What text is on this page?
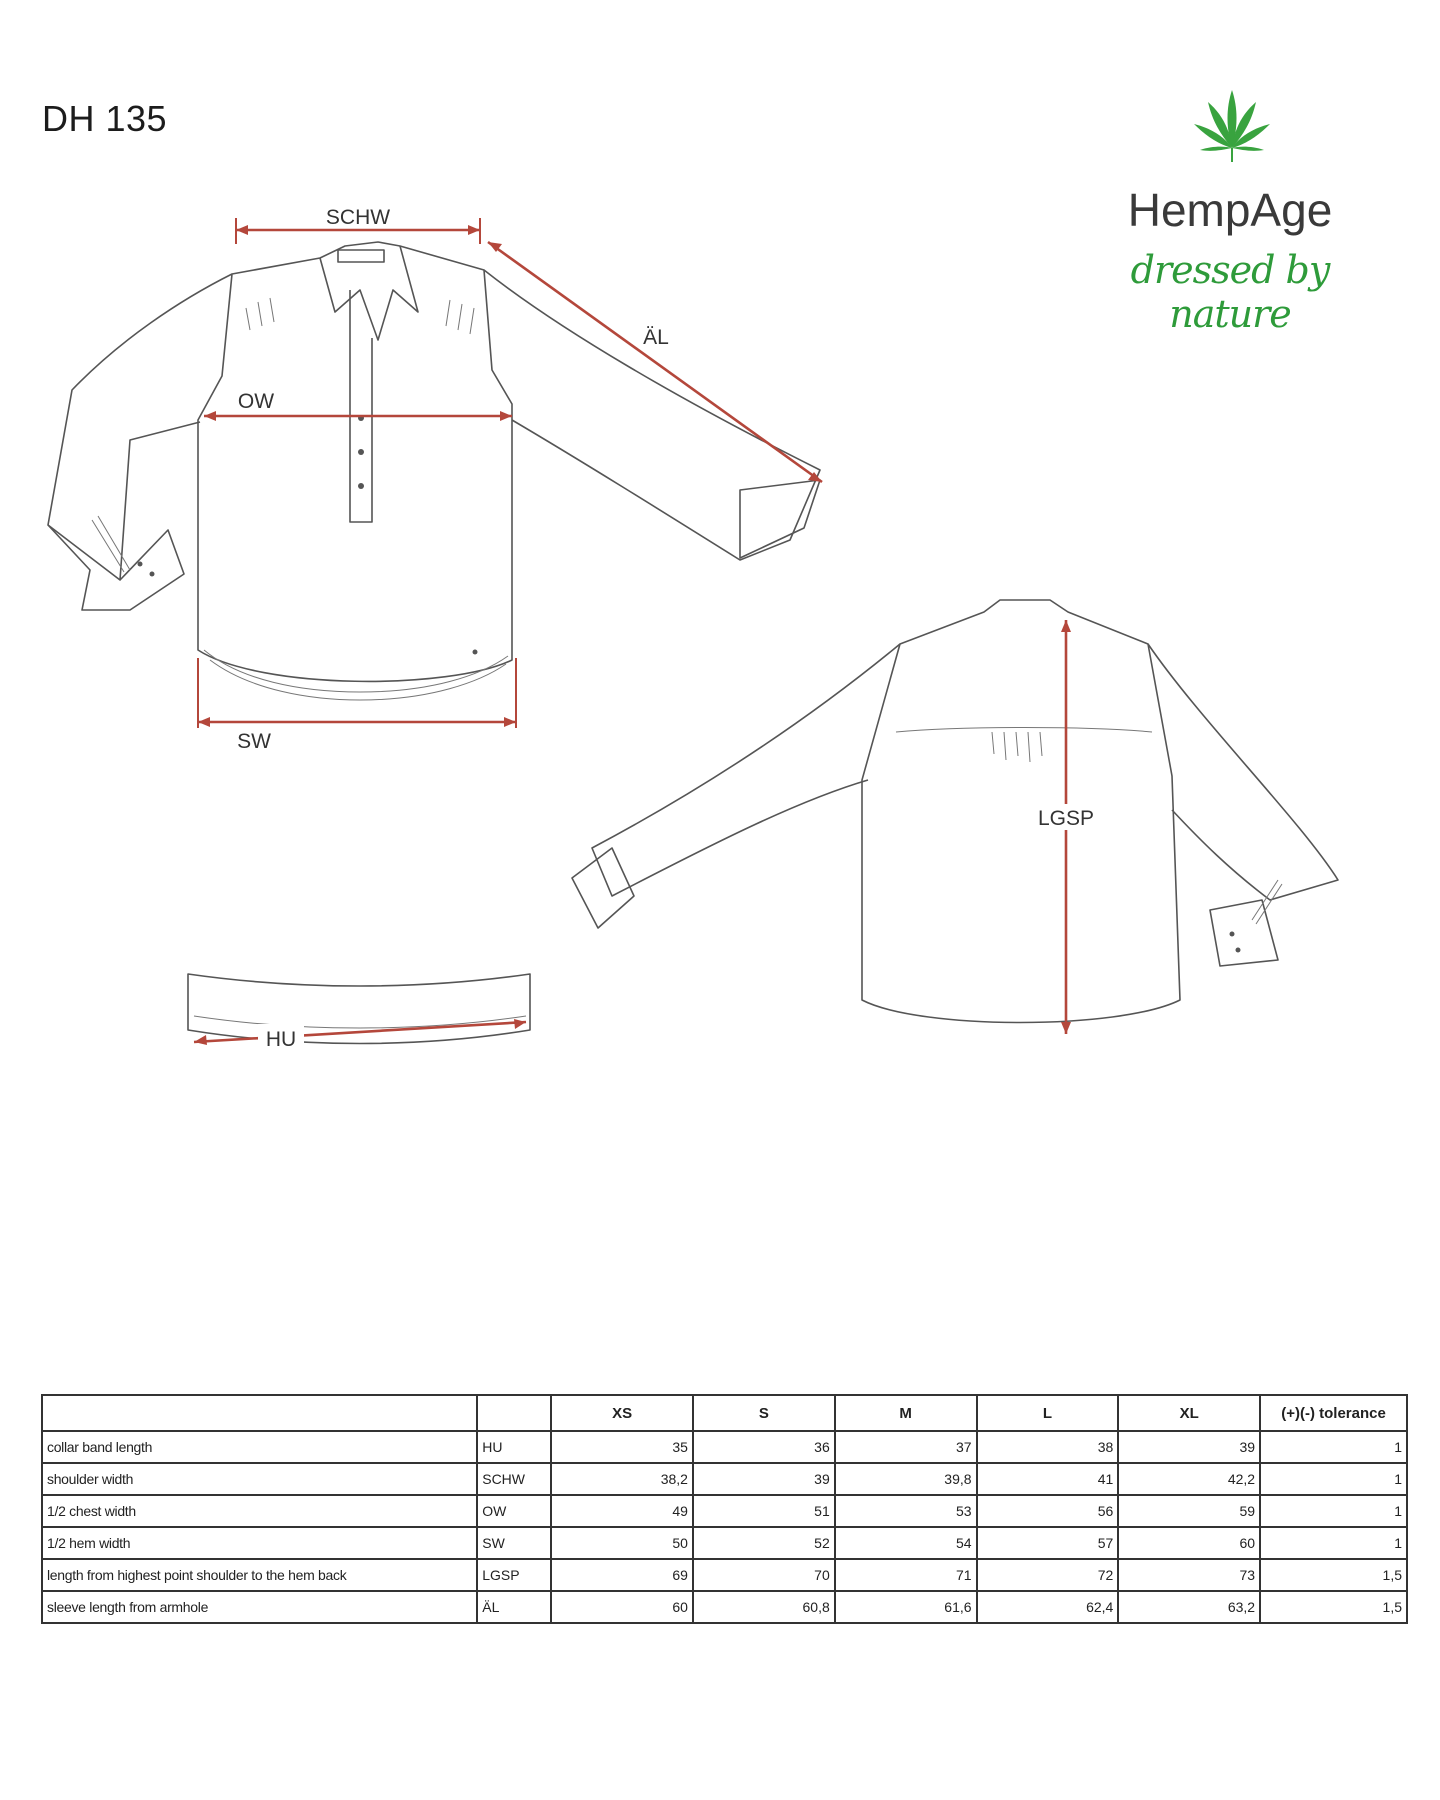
DH 135
HempAge
dressed by nature
SCHW
ÄL
OW
SW
HU
LGSP
		XS	S	M	L	XL	(+)(-) tolerance
collar band length	HU	35	36	37	38	39	1
shoulder width	SCHW	38,2	39	39,8	41	42,2	1
1/2 chest width	OW	49	51	53	56	59	1
1/2 hem width	SW	50	52	54	57	60	1
length from highest point shoulder to the hem back	LGSP	69	70	71	72	73	1,5
sleeve length from armhole	ÄL	60	60,8	61,6	62,4	63,2	1,5
